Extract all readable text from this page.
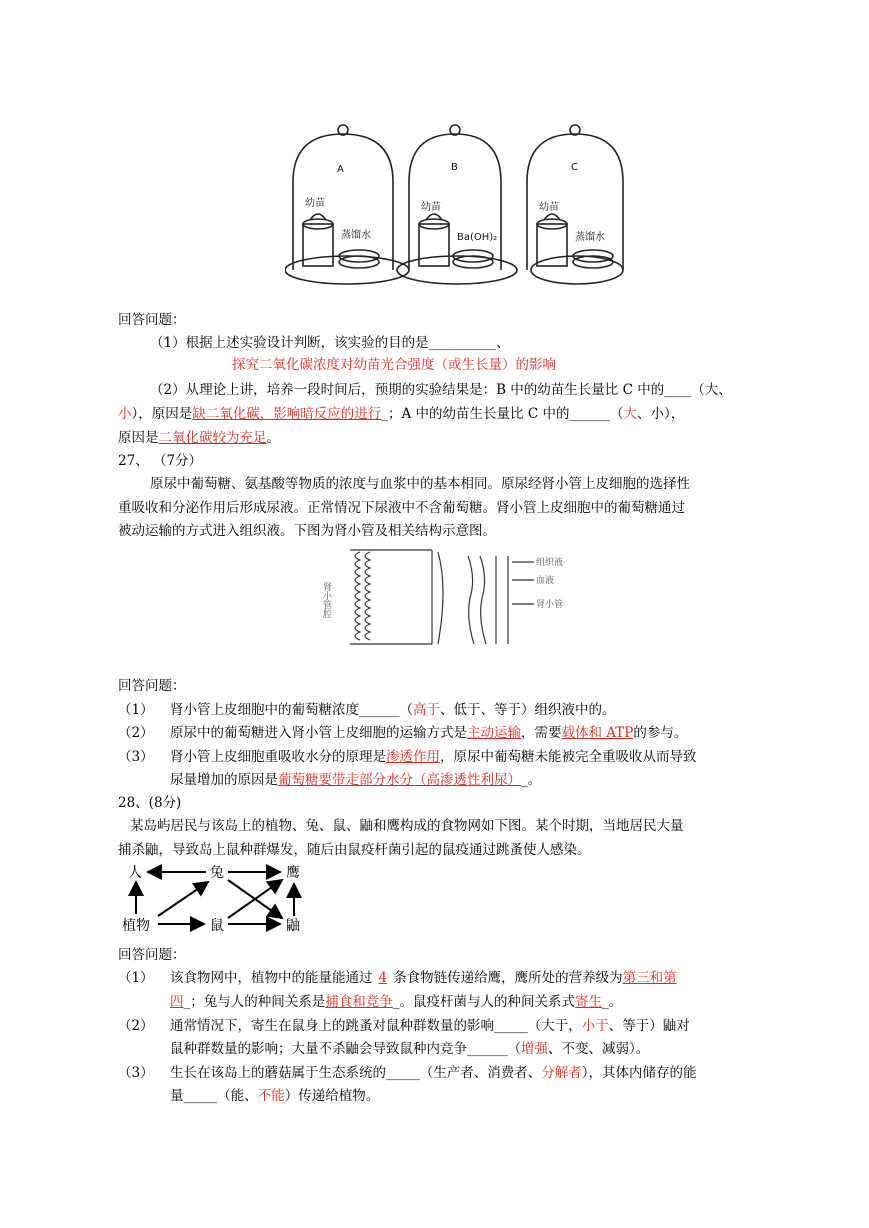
A	B	C
幼苗	幼苗	幼苗
蒸馏水	Ba(OH)₂	蒸馏水
回答问题：
（1）根据上述实验设计判断，该实验的目的是__________、
探究二氧化碳浓度对幼苗光合强度（或生长量）的影响
（2）从理论上讲，培养一段时间后，预期的实验结果是：B 中的幼苗生长量比 C 中的____（大、
小），原因是缺二氧化碳，影响暗反应的进行_；A 中的幼苗生长量比 C 中的______（大、小），
原因是二氧化碳较为充足。
27、 （7分）
原尿中葡萄糖、氨基酸等物质的浓度与血浆中的基本相同。原尿经肾小管上皮细胞的选择性
重吸收和分泌作用后形成尿液。正常情况下尿液中不含葡萄糖。肾小管上皮细胞中的葡萄糖通过
被动运输的方式进入组织液。下图为肾小管及相关结构示意图。
肾小管腔
组织液
血液
肾小管
回答问题：
（1） 肾小管上皮细胞中的葡萄糖浓度______（高于、低于、等于）组织液中的。
（2） 原尿中的葡萄糖进入肾小管上皮细胞的运输方式是主动运输，需要载体和 ATP的参与。
（3） 肾小管上皮细胞重吸收水分的原理是渗透作用，原尿中葡萄糖未能被完全重吸收从而导致
尿量增加的原因是葡萄糖要带走部分水分（高渗透性利尿）_。
28、(8分)
某岛屿居民与该岛上的植物、兔、鼠、鼬和鹰构成的食物网如下图。某个时期，当地居民大量
捕杀鼬，导致岛上鼠种群爆发，随后由鼠疫杆菌引起的鼠疫通过跳蚤使人感染。
人	兔	鹰
植物	鼠	鼬
回答问题：
（1） 该食物网中，植物中的能量能通过 4 条食物链传递给鹰，鹰所处的营养级为第三和第
四_；兔与人的种间关系是捕食和竞争_。鼠疫杆菌与人的种间关系式寄生_。
（2） 通常情况下，寄生在鼠身上的跳蚤对鼠种群数量的影响_____（大于，小于、等于）鼬对
鼠种群数量的影响；大量不杀鼬会导致鼠种内竞争______（增强、不变、减弱）。
（3） 生长在该岛上的蘑菇属于生态系统的_____（生产者、消费者、分解者），其体内储存的能
量_____（能、不能）传递给植物。
